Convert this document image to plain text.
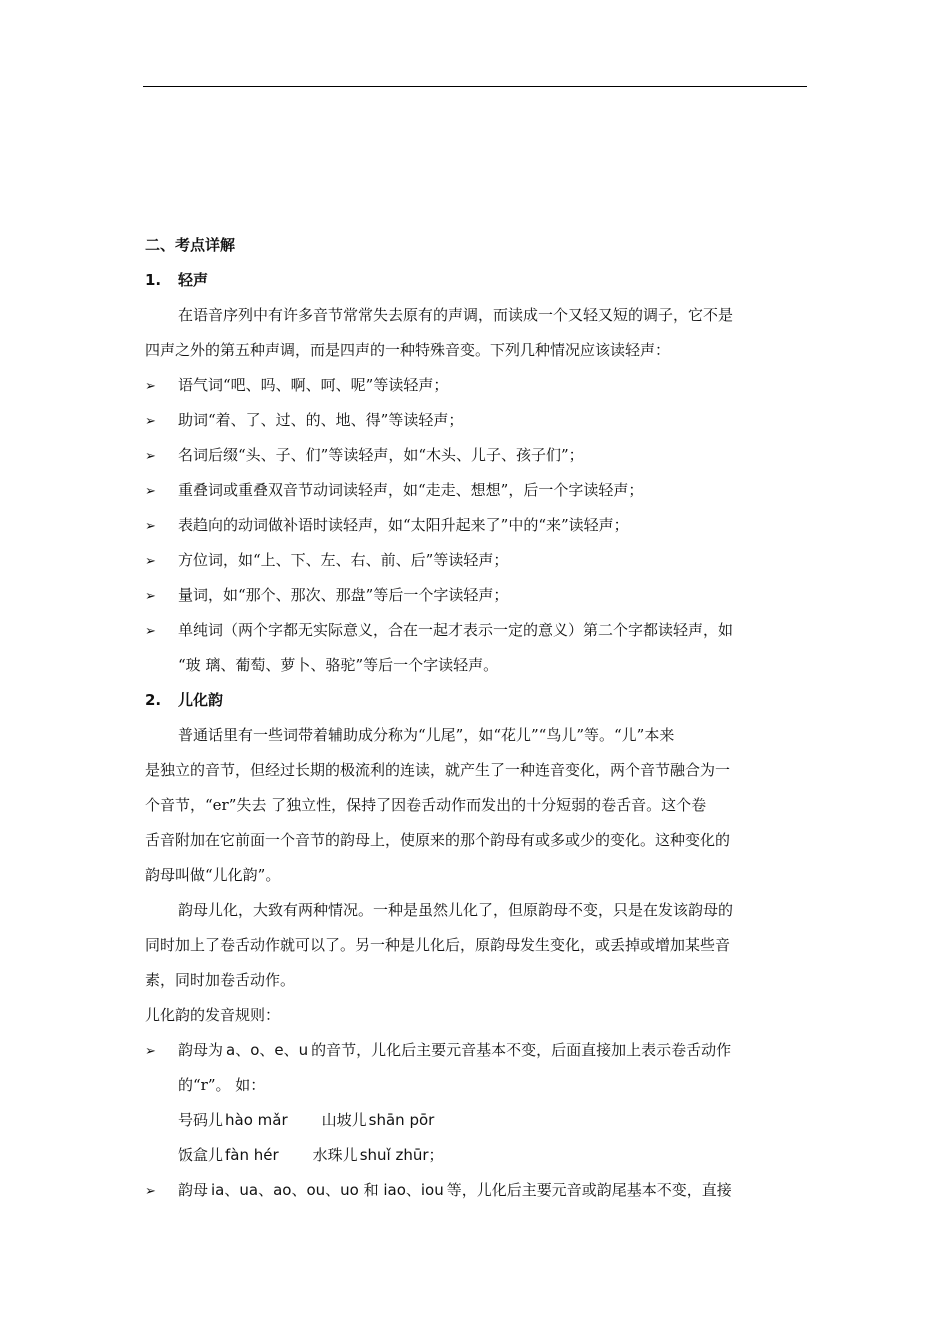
二、考点详解
1. 轻声
在语音序列中有许多音节常常失去原有的声调，而读成一个又轻又短的调子，它不是
四声之外的第五种声调，而是四声的一种特殊音变。下列几种情况应该读轻声：
➢ 语气词“吧、吗、啊、呵、呢”等读轻声；
➢ 助词“着、了、过、的、地、得”等读轻声；
➢ 名词后缀“头、子、们”等读轻声，如“木头、儿子、孩子们”；
➢ 重叠词或重叠双音节动词读轻声，如“走走、想想”，后一个字读轻声；
➢ 表趋向的动词做补语时读轻声，如“太阳升起来了”中的“来”读轻声；
➢ 方位词，如“上、下、左、右、前、后”等读轻声；
➢ 量词，如“那个、那次、那盘”等后一个字读轻声；
➢ 单纯词（两个字都无实际意义，合在一起才表示一定的意义）第二个字都读轻声，如
“玻 璃、葡萄、萝卜、骆驼”等后一个字读轻声。
2. 儿化韵
普通话里有一些词带着辅助成分称为“儿尾”，如“花儿”“鸟儿”等。“儿”本来
是独立的音节，但经过长期的极流利的连读，就产生了一种连音变化，两个音节融合为一
个音节，“er”失去 了独立性，保持了因卷舌动作而发出的十分短弱的卷舌音。这个卷
舌音附加在它前面一个音节的韵母上，使原来的那个韵母有或多或少的变化。这种变化的
韵母叫做“儿化韵”。
韵母儿化，大致有两种情况。一种是虽然儿化了，但原韵母不变，只是在发该韵母的
同时加上了卷舌动作就可以了。另一种是儿化后，原韵母发生变化，或丢掉或增加某些音
素，同时加卷舌动作。
儿化韵的发音规则：
➢ 韵母为 a、o、e、u 的音节，儿化后主要元音基本不变，后面直接加上表示卷舌动作
的“r”。 如：
号码儿 hào mǎr 山坡儿 shān pōr
饭盒儿 fàn hér 水珠儿 shuǐ zhūr；
➢ 韵母 ia、ua、ao、ou、uo 和 iao、iou 等，儿化后主要元音或韵尾基本不变，直接
